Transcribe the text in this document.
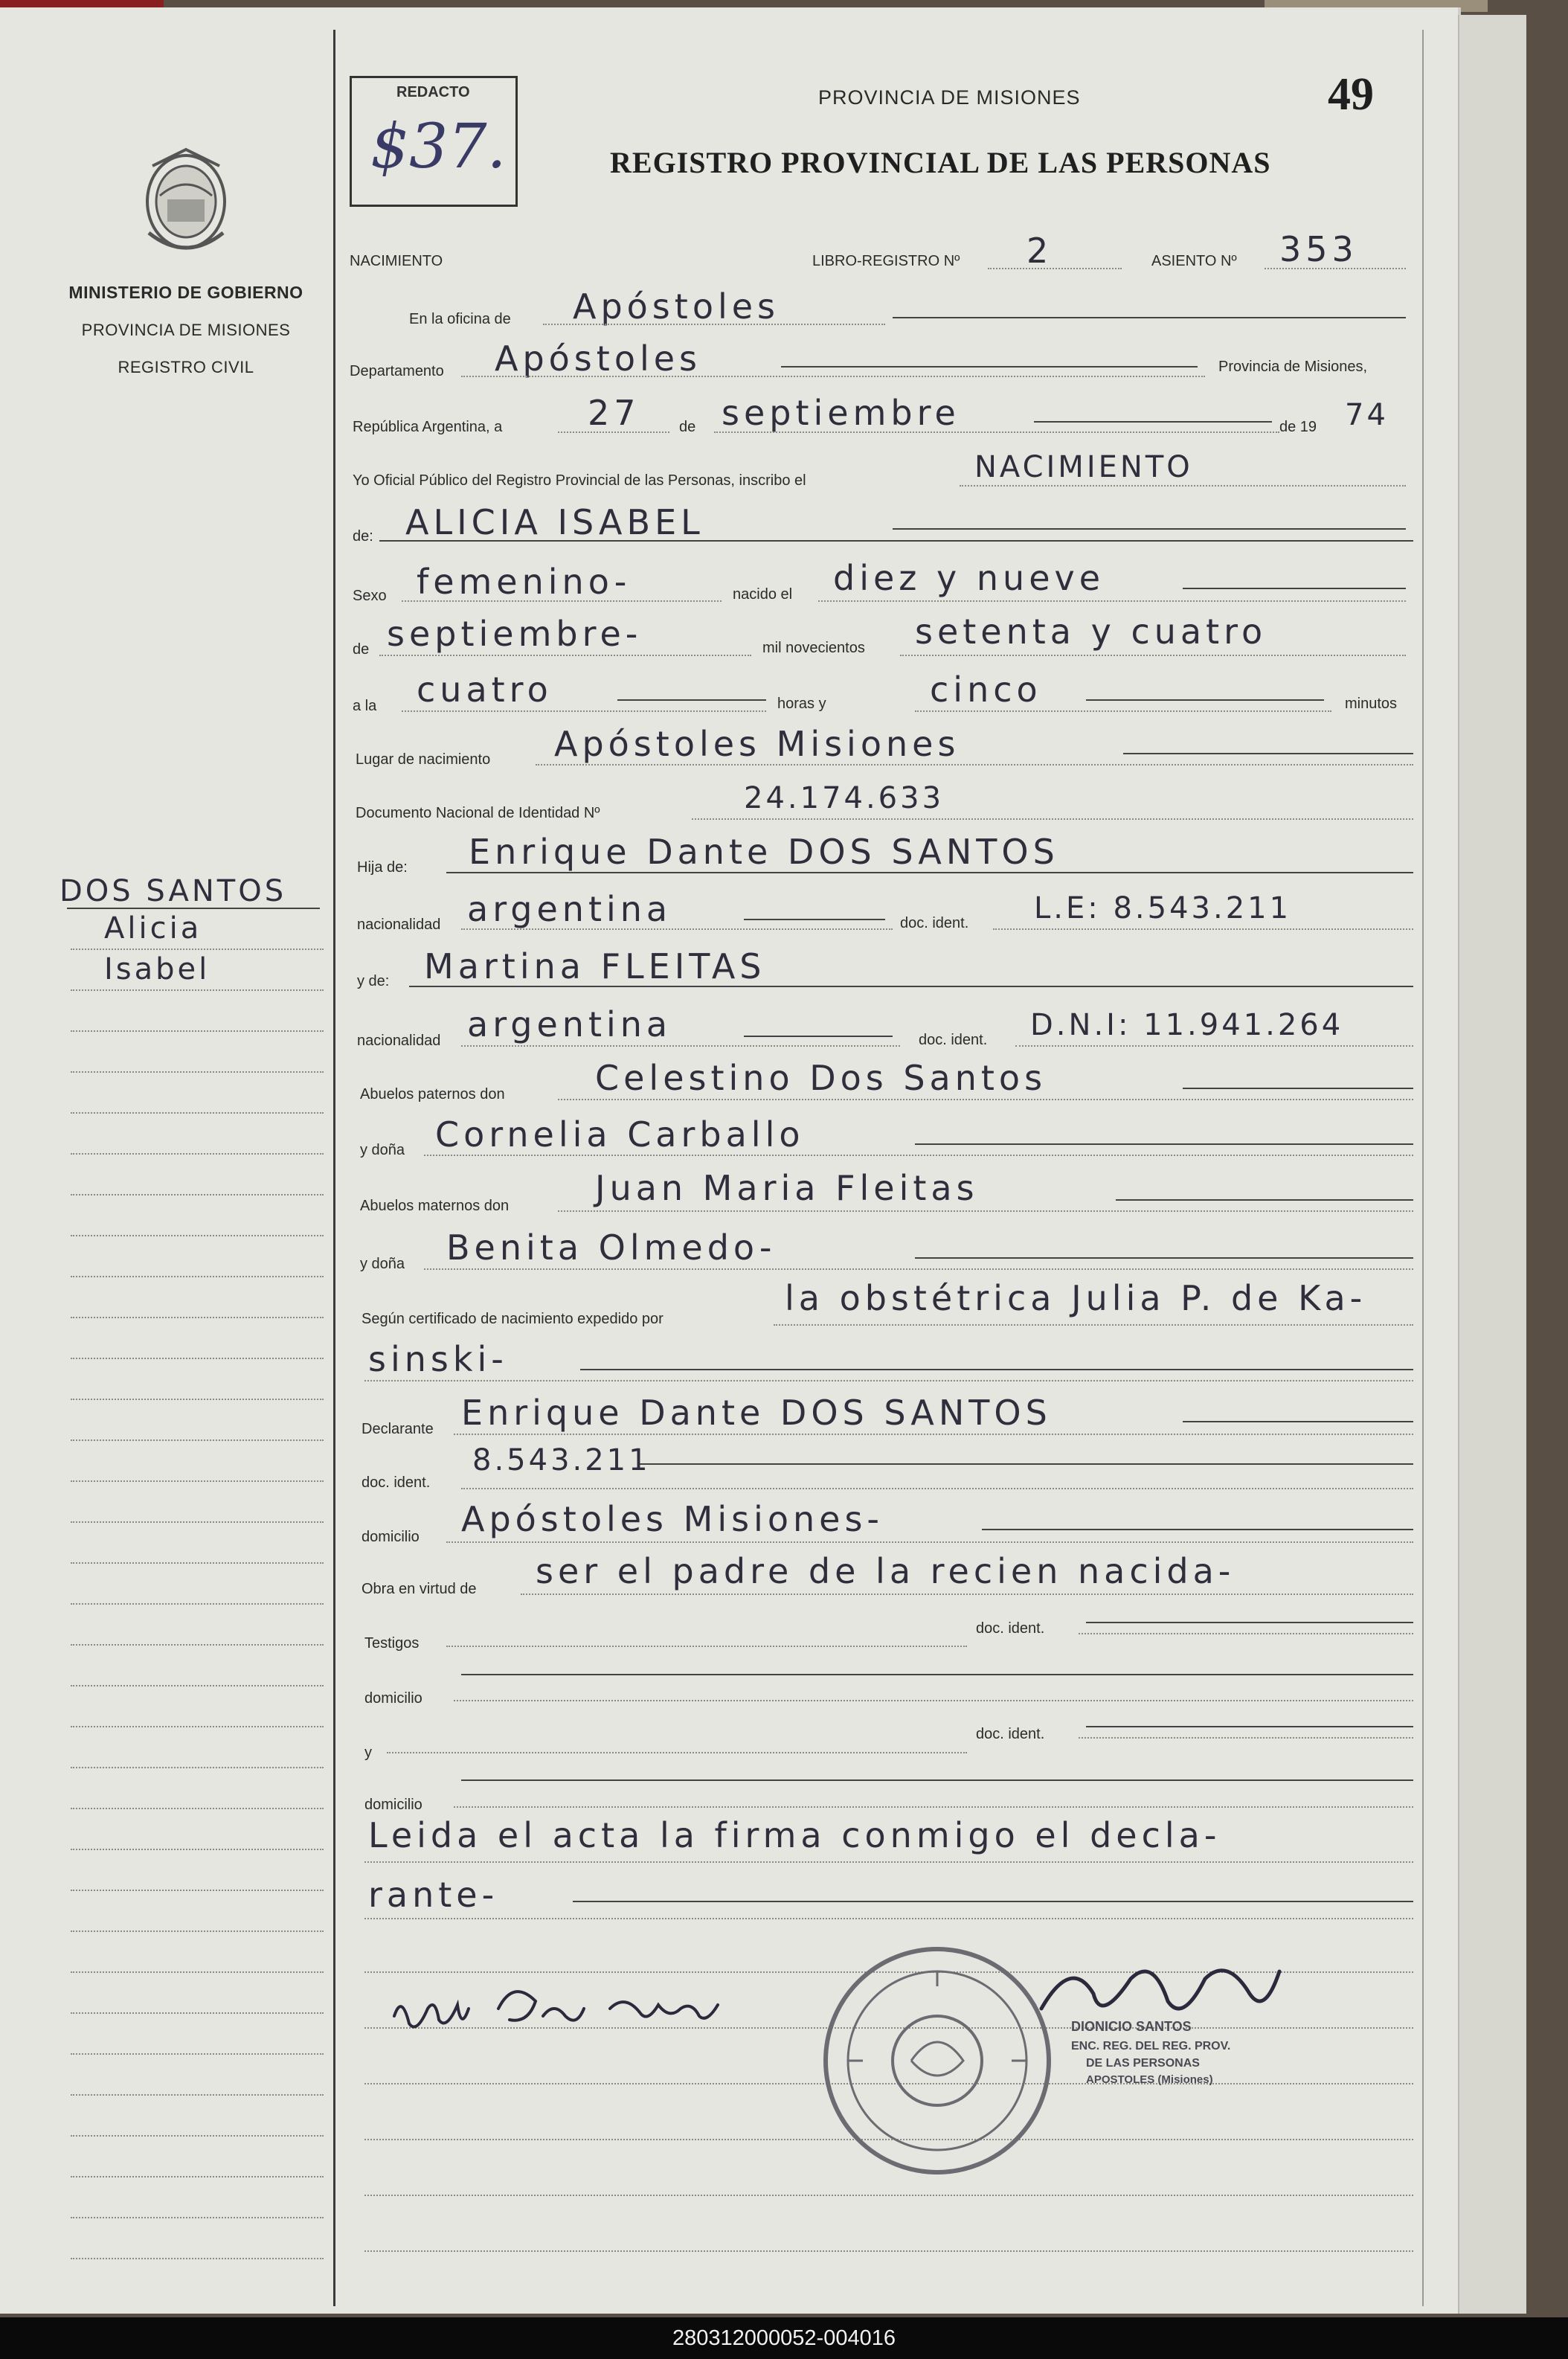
MINISTERIO DE GOBIERNO
PROVINCIA DE MISIONES
REGISTRO CIVIL
REDACTO
$37.
PROVINCIA DE MISIONES
REGISTRO PROVINCIAL DE LAS PERSONAS
49
NACIMIENTO	LIBRO-REGISTRO Nº 2	ASIENTO Nº 353
En la oficina de Apóstoles
Departamento Apóstoles	Provincia de Misiones,
República Argentina, a 27	de septiembre	de 19 74
Yo Oficial Público del Registro Provincial de las Personas, inscribo el	NACIMIENTO
de: ALICIA ISABEL
Sexo femenino-	nacido el diez y nueve
de septiembre-	mil novecientos setenta y cuatro
a la cuatro	horas y	cinco	minutos
Lugar de nacimiento Apóstoles Misiones
Documento Nacional de Identidad Nº	24.174.633
Hija de: Enrique Dante DOS SANTOS
nacionalidad argentina	doc. ident. L.E: 8.543.211
y de: Martina FLEITAS
nacionalidad argentina	doc. ident. D.N.I: 11.941.264
Abuelos paternos don	Celestino Dos Santos
y doña Cornelia Carballo
Abuelos maternos don	Juan Maria Fleitas
y doña Benita Olmedo-
Según certificado de nacimiento expedido por
la obstétrica Julia P. de Ka-
sinski-
Declarante Enrique Dante DOS SANTOS
doc. ident.
8.543.211
domicilio Apóstoles Misiones-
Obra en virtud de ser el padre de la recien nacida-
Testigos
doc. ident.
domicilio
y
doc. ident.
domicilio
Leida el acta la firma conmigo el decla-
rante-
DIONICIO SANTOS
ENC. REG. DEL REG. PROV.
DE LAS PERSONAS
APOSTOLES (Misiones)
DOS SANTOS
Alicia
Isabel
280312000052-004016
